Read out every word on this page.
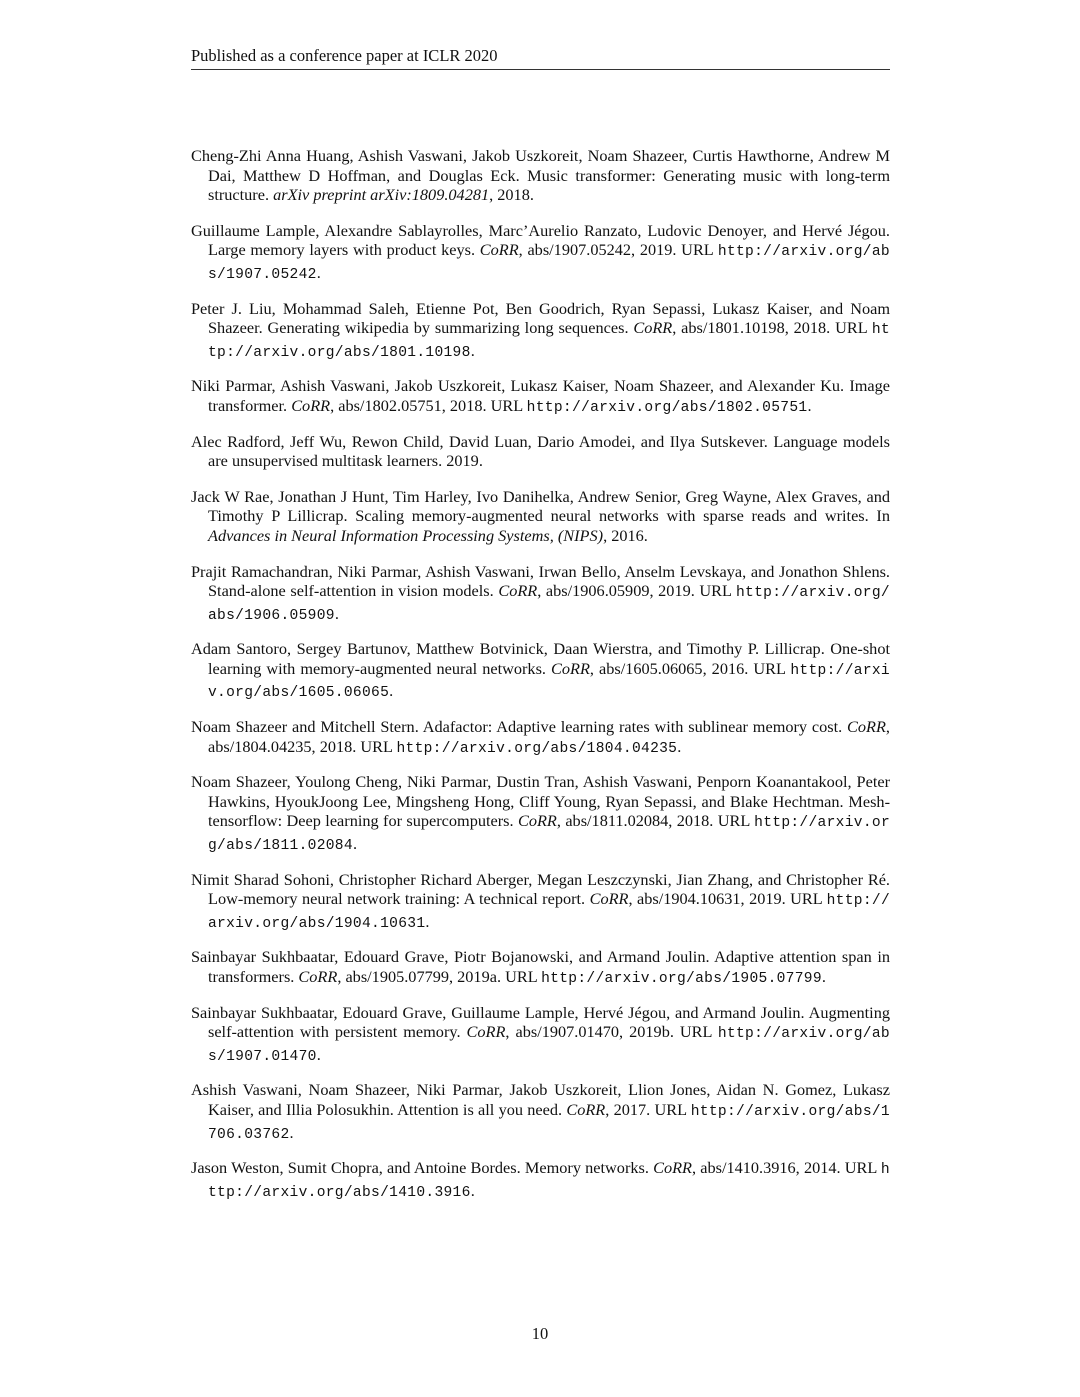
Published as a conference paper at ICLR 2020
Cheng-Zhi Anna Huang, Ashish Vaswani, Jakob Uszkoreit, Noam Shazeer, Curtis Hawthorne, Andrew M Dai, Matthew D Hoffman, and Douglas Eck. Music transformer: Generating music with long-term structure. arXiv preprint arXiv:1809.04281, 2018.
Guillaume Lample, Alexandre Sablayrolles, Marc’Aurelio Ranzato, Ludovic Denoyer, and Hervé Jégou. Large memory layers with product keys. CoRR, abs/1907.05242, 2019. URL http://arxiv.org/abs/1907.05242.
Peter J. Liu, Mohammad Saleh, Etienne Pot, Ben Goodrich, Ryan Sepassi, Lukasz Kaiser, and Noam Shazeer. Generating wikipedia by summarizing long sequences. CoRR, abs/1801.10198, 2018. URL http://arxiv.org/abs/1801.10198.
Niki Parmar, Ashish Vaswani, Jakob Uszkoreit, Lukasz Kaiser, Noam Shazeer, and Alexander Ku. Image transformer. CoRR, abs/1802.05751, 2018. URL http://arxiv.org/abs/1802.05751.
Alec Radford, Jeff Wu, Rewon Child, David Luan, Dario Amodei, and Ilya Sutskever. Language models are unsupervised multitask learners. 2019.
Jack W Rae, Jonathan J Hunt, Tim Harley, Ivo Danihelka, Andrew Senior, Greg Wayne, Alex Graves, and Timothy P Lillicrap. Scaling memory-augmented neural networks with sparse reads and writes. In Advances in Neural Information Processing Systems, (NIPS), 2016.
Prajit Ramachandran, Niki Parmar, Ashish Vaswani, Irwan Bello, Anselm Levskaya, and Jonathon Shlens. Stand-alone self-attention in vision models. CoRR, abs/1906.05909, 2019. URL http://arxiv.org/abs/1906.05909.
Adam Santoro, Sergey Bartunov, Matthew Botvinick, Daan Wierstra, and Timothy P. Lillicrap. One-shot learning with memory-augmented neural networks. CoRR, abs/1605.06065, 2016. URL http://arxiv.org/abs/1605.06065.
Noam Shazeer and Mitchell Stern. Adafactor: Adaptive learning rates with sublinear memory cost. CoRR, abs/1804.04235, 2018. URL http://arxiv.org/abs/1804.04235.
Noam Shazeer, Youlong Cheng, Niki Parmar, Dustin Tran, Ashish Vaswani, Penporn Koanantakool, Peter Hawkins, HyoukJoong Lee, Mingsheng Hong, Cliff Young, Ryan Sepassi, and Blake Hechtman. Mesh-tensorflow: Deep learning for supercomputers. CoRR, abs/1811.02084, 2018. URL http://arxiv.org/abs/1811.02084.
Nimit Sharad Sohoni, Christopher Richard Aberger, Megan Leszczynski, Jian Zhang, and Christopher Ré. Low-memory neural network training: A technical report. CoRR, abs/1904.10631, 2019. URL http://arxiv.org/abs/1904.10631.
Sainbayar Sukhbaatar, Edouard Grave, Piotr Bojanowski, and Armand Joulin. Adaptive attention span in transformers. CoRR, abs/1905.07799, 2019a. URL http://arxiv.org/abs/1905.07799.
Sainbayar Sukhbaatar, Edouard Grave, Guillaume Lample, Hervé Jégou, and Armand Joulin. Augmenting self-attention with persistent memory. CoRR, abs/1907.01470, 2019b. URL http://arxiv.org/abs/1907.01470.
Ashish Vaswani, Noam Shazeer, Niki Parmar, Jakob Uszkoreit, Llion Jones, Aidan N. Gomez, Lukasz Kaiser, and Illia Polosukhin. Attention is all you need. CoRR, 2017. URL http://arxiv.org/abs/1706.03762.
Jason Weston, Sumit Chopra, and Antoine Bordes. Memory networks. CoRR, abs/1410.3916, 2014. URL http://arxiv.org/abs/1410.3916.
10
